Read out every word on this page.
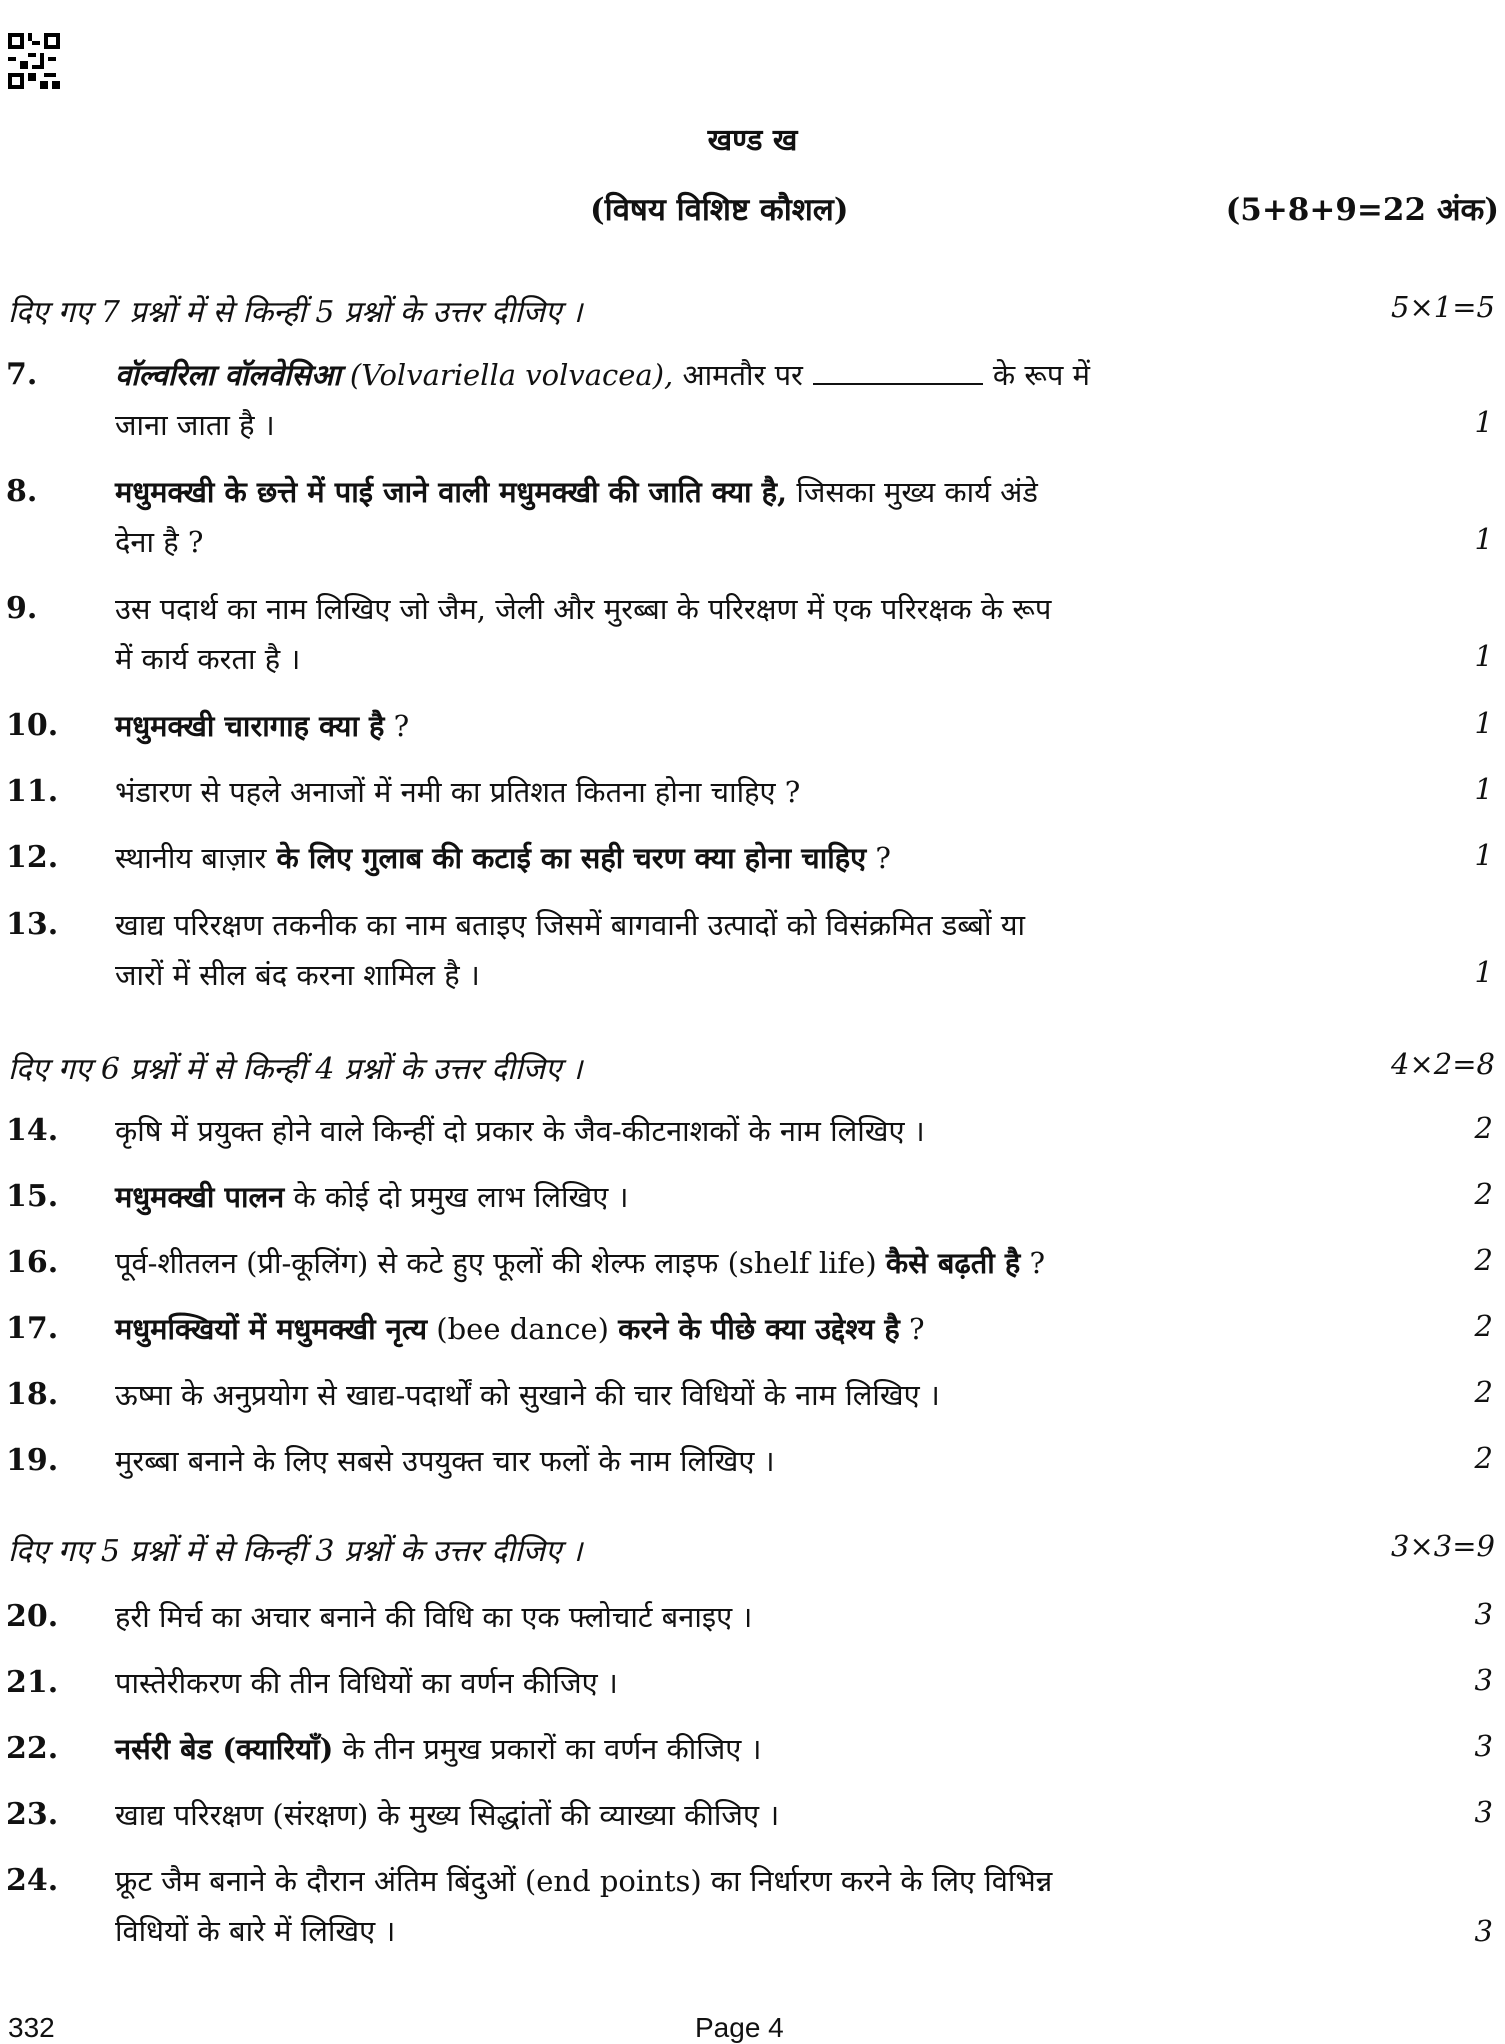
खण्ड ख
(विषय विशिष्ट कौशल)	(5+8+9=22 अंक)
दिए गए 7 प्रश्नों में से किन्हीं 5 प्रश्नों के उत्तर दीजिए ।	5×1=5
7.	वॉल्वरिला वॉलवेसिआ (Volvariella volvacea), आमतौर पर	के रूप में
जाना जाता है ।	1
8.	मधुमक्खी के छत्ते में पाई जाने वाली मधुमक्खी की जाति क्या है, जिसका मुख्य कार्य अंडे
देना है ?	1
9.	उस पदार्थ का नाम लिखिए जो जैम, जेली और मुरब्बा के परिरक्षण में एक परिरक्षक के रूप
में कार्य करता है ।	1
10.	मधुमक्खी चारागाह क्या है ?	1
11.	भंडारण से पहले अनाजों में नमी का प्रतिशत कितना होना चाहिए ?	1
12.	स्थानीय बाज़ार के लिए गुलाब की कटाई का सही चरण क्या होना चाहिए ?	1
13.	खाद्य परिरक्षण तकनीक का नाम बताइए जिसमें बागवानी उत्पादों को विसंक्रमित डब्बों या
जारों में सील बंद करना शामिल है ।	1
दिए गए 6 प्रश्नों में से किन्हीं 4 प्रश्नों के उत्तर दीजिए ।	4×2=8
14.	कृषि में प्रयुक्त होने वाले किन्हीं दो प्रकार के जैव-कीटनाशकों के नाम लिखिए ।	2
15.	मधुमक्खी पालन के कोई दो प्रमुख लाभ लिखिए ।	2
16.	पूर्व-शीतलन (प्री-कूलिंग) से कटे हुए फूलों की शेल्फ लाइफ (shelf life) कैसे बढ़ती है ?	2
17.	मधुमक्खियों में मधुमक्खी नृत्य (bee dance) करने के पीछे क्या उद्देश्य है ?	2
18.	ऊष्मा के अनुप्रयोग से खाद्य-पदार्थों को सुखाने की चार विधियों के नाम लिखिए ।	2
19.	मुरब्बा बनाने के लिए सबसे उपयुक्त चार फलों के नाम लिखिए ।	2
दिए गए 5 प्रश्नों में से किन्हीं 3 प्रश्नों के उत्तर दीजिए ।	3×3=9
20.	हरी मिर्च का अचार बनाने की विधि का एक फ्लोचार्ट बनाइए ।	3
21.	पास्तेरीकरण की तीन विधियों का वर्णन कीजिए ।	3
22.	नर्सरी बेड (क्यारियाँ) के तीन प्रमुख प्रकारों का वर्णन कीजिए ।	3
23.	खाद्य परिरक्षण (संरक्षण) के मुख्य सिद्धांतों की व्याख्या कीजिए ।	3
24.	फ्रूट जैम बनाने के दौरान अंतिम बिंदुओं (end points) का निर्धारण करने के लिए विभिन्न
विधियों के बारे में लिखिए ।	3
332	Page 4
